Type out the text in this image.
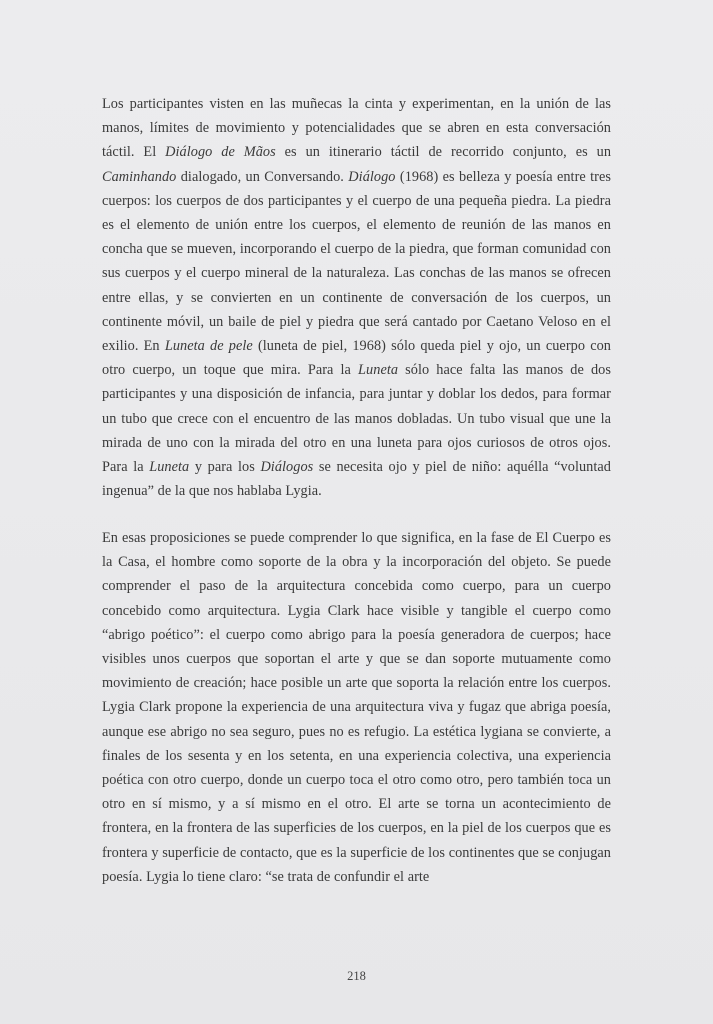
Los participantes visten en las muñecas la cinta y experimentan, en la unión de las manos, límites de movimiento y potencialidades que se abren en esta conversación táctil. El Diálogo de Mãos es un itinerario táctil de recorrido conjunto, es un Caminhando dialogado, un Conversando. Diálogo (1968) es belleza y poesía entre tres cuerpos: los cuerpos de dos participantes y el cuerpo de una pequeña piedra. La piedra es el elemento de unión entre los cuerpos, el elemento de reunión de las manos en concha que se mueven, incorporando el cuerpo de la piedra, que forman comunidad con sus cuerpos y el cuerpo mineral de la naturaleza. Las conchas de las manos se ofrecen entre ellas, y se convierten en un continente de conversación de los cuerpos, un continente móvil, un baile de piel y piedra que será cantado por Caetano Veloso en el exilio. En Luneta de pele (luneta de piel, 1968) sólo queda piel y ojo, un cuerpo con otro cuerpo, un toque que mira. Para la Luneta sólo hace falta las manos de dos participantes y una disposición de infancia, para juntar y doblar los dedos, para formar un tubo que crece con el encuentro de las manos dobladas. Un tubo visual que une la mirada de uno con la mirada del otro en una luneta para ojos curiosos de otros ojos. Para la Luneta y para los Diálogos se necesita ojo y piel de niño: aquélla “voluntad ingenua” de la que nos hablaba Lygia.

En esas proposiciones se puede comprender lo que significa, en la fase de El Cuerpo es la Casa, el hombre como soporte de la obra y la incorporación del objeto. Se puede comprender el paso de la arquitectura concebida como cuerpo, para un cuerpo concebido como arquitectura. Lygia Clark hace visible y tangible el cuerpo como “abrigo poético”: el cuerpo como abrigo para la poesía generadora de cuerpos; hace visibles unos cuerpos que soportan el arte y que se dan soporte mutuamente como movimiento de creación; hace posible un arte que soporta la relación entre los cuerpos. Lygia Clark propone la experiencia de una arquitectura viva y fugaz que abriga poesía, aunque ese abrigo no sea seguro, pues no es refugio. La estética lygiana se convierte, a finales de los sesenta y en los setenta, en una experiencia colectiva, una experiencia poética con otro cuerpo, donde un cuerpo toca el otro como otro, pero también toca un otro en sí mismo, y a sí mismo en el otro. El arte se torna un acontecimiento de frontera, en la frontera de las superficies de los cuerpos, en la piel de los cuerpos que es frontera y superficie de contacto, que es la superficie de los continentes que se conjugan poesía. Lygia lo tiene claro: “se trata de confundir el arte

218
